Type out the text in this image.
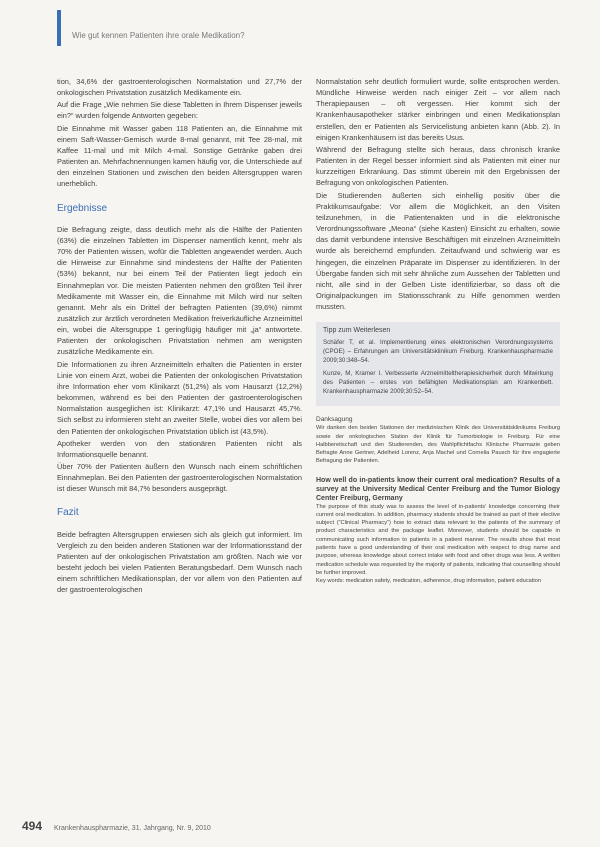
Wie gut kennen Patienten ihre orale Medikation?

tion, 34,6% der gastroenterologischen Normalstation und 27,7% der onkologischen Privatstation zusätzlich Medikamente ein.

Auf die Frage „Wie nehmen Sie diese Tabletten in Ihrem Dispenser jeweils ein?“ wurden folgende Antworten gegeben:

Die Einnahme mit Wasser gaben 118 Patienten an, die Einnahme mit einem Saft-Wasser-Gemisch wurde 8-mal genannt, mit Tee 28-mal, mit Kaffee 11-mal und mit Milch 4-mal. Sonstige Getränke gaben drei Patienten an. Mehrfachnennungen kamen häufig vor, die Unterschiede auf den einzelnen Stationen und zwischen den beiden Altersgruppen waren unerheblich.

Ergebnisse

Die Befragung zeigte, dass deutlich mehr als die Hälfte der Patienten (63%) die einzelnen Tabletten im Dispenser namentlich kennt, mehr als 70% der Patienten wissen, wofür die Tabletten angewendet werden. Auch die Hinweise zur Einnahme sind mindestens der Hälfte der Patienten (53%) bekannt, nur bei einem Teil der Patienten liegt jedoch ein Einnahmeplan vor. Die meisten Patienten nehmen den größten Teil ihrer Medikamente mit Wasser ein, die Einnahme mit Milch wird nur selten genannt. Mehr als ein Drittel der befragten Patienten (39,6%) nimmt zusätzlich zur ärztlich verordneten Medikation freiverkäufliche Arzneimittel ein, wobei die Altersgruppe 1 geringfügig häufiger mit „ja“ antwortete. Patienten der onkologischen Privatstation nehmen am wenigsten zusätzliche Medikamente ein.

Die Informationen zu ihren Arzneimitteln erhalten die Patienten in erster Linie von einem Arzt, wobei die Patienten der onkologischen Privatstation ihre Information eher vom Klinikarzt (51,2%) als vom Hausarzt (12,2%) bekommen, während es bei den Patienten der gastroenterologischen Normalstation ausgeglichen ist: Klinikarzt: 47,1% und Hausarzt 45,7%. Sich selbst zu informieren steht an zweiter Stelle, wobei dies vor allem bei den Patienten der onkologischen Privatstation üblich ist (43,5%).

Apotheker werden von den stationären Patienten nicht als Informationsquelle benannt.

Über 70% der Patienten äußern den Wunsch nach einem schriftlichen Einnahmeplan. Bei den Patienten der gastroenterologischen Normalstation ist dieser Wunsch mit 84,7% besonders ausgeprägt.

Fazit

Beide befragten Altersgruppen erwiesen sich als gleich gut informiert. Im Vergleich zu den beiden anderen Stationen war der Informationsstand der Patienten auf der onkologischen Privatstation am größten. Nach wie vor besteht jedoch bei vielen Patienten Beratungsbedarf. Dem Wunsch nach einem schriftlichen Medikationsplan, der vor allem von den Patienten auf der gastroenterologischen

Normalstation sehr deutlich formuliert wurde, sollte entsprochen werden. Mündliche Hinweise werden nach einiger Zeit – vor allem nach Therapiepausen – oft vergessen. Hier kommt sich der Krankenhausapotheker stärker einbringen und einen Medikationsplan erstellen, den er Patienten als Servicelistung anbieten kann (Abb. 2). In einigen Krankenhäusern ist das bereits Usus.

Während der Befragung stellte sich heraus, dass chronisch kranke Patienten in der Regel besser informiert sind als Patienten mit einer nur kurzzeitigen Erkrankung. Das stimmt überein mit den Ergebnissen der Befragung von onkologischen Patienten.

Die Studierenden äußerten sich einhellig positiv über die Praktikumsaufgabe: Vor allem die Möglichkeit, an den Visiten teilzunehmen, in die Patientenakten und in die elektronische Verordnungssoftware „Meona“ (siehe Kasten) Einsicht zu erhalten, sowie das damit verbundene intensive Beschäftigen mit einzelnen Arzneimitteln wurde als bereichernd empfunden. Zeitaufwand und schwierig war es hingegen, die einzelnen Präparate im Dispenser zu identifizieren. In der Übergabe fanden sich mit sehr ähnliche zum Aussehen der Tabletten und nicht, alle sind in der Gelben Liste identifizierbar, so dass oft die Originalpackungen im Stationsschrank zu Hilfe genommen werden mussten.

Tipp zum Weiterlesen

Schäfer T, et al. Implementierung eines elektronischen Verordnungssystems (CPOE) – Erfahrungen am Universitätsklinikum Freiburg. Krankenhauspharmazie 2009;30:348–54.

Kunze, M, Kramer I. Verbesserte Arzneimitteltherapiesicherheit durch Mitwirkung des Patienten – erstes von befähigten Medikationsplan am Krankenbett. Krankenhauspharmazie 2009;30:52–54.

Danksagung
Wir danken den beiden Stationen der medizinischen Klinik des Universitätsklinikums Freiburg sowie der onkologischen Station der Klinik für Tumorbiologie in Freiburg. Für eine Halbbereitschaft und den Studierenden, des Wahlpflichtfachs Klinische Pharmazie geben Befragte Anne Gertner, Adelheid Lorenz, Anja Machel und Cornelia Pausch für ihre engagierte Befragung der Patienten.
How well do in-patients know their current oral medication? Results of a survey at the University Medical Center Freiburg and the Tumor Biology Center Freiburg, Germany
The purpose of this study was to assess the level of in-patients’ knowledge concerning their current oral medication. In addition, pharmacy students should be trained as part of their elective subject (“Clinical Pharmacy”) how to extract data relevant to the patients of the summary of product characteristics and the package leaflet. Moreover, students should be capable in communicating such information to patients in a patient manner. The results show that most patients have a good understanding of their oral medication with respect to drug name and purpose, whereas knowledge about correct intake with food and other drugs was less. A written medication schedule was requested by the majority of patients, indicating that counselling should be further improved.
Key words: medication safety, medication, adherence, drug information, patient education
494 Krankenhauspharmazie, 31. Jahrgang, Nr. 9, 2010
